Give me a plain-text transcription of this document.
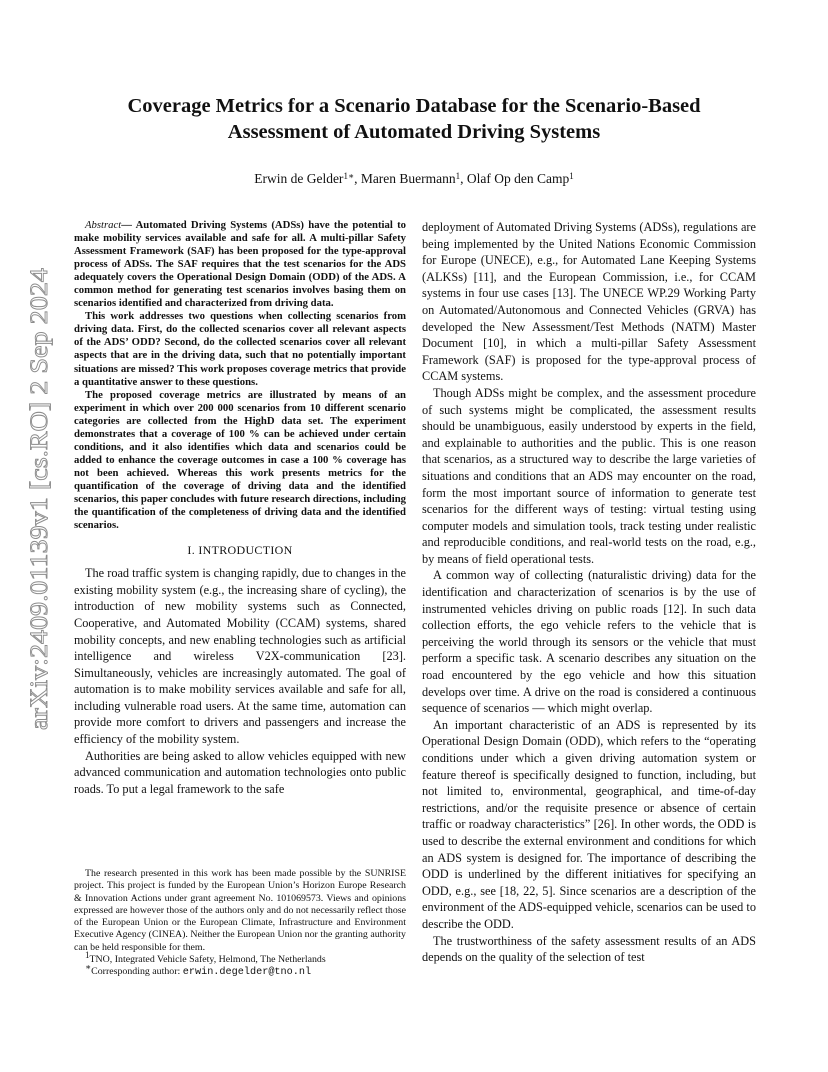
arXiv:2409.01139v1 [cs.RO] 2 Sep 2024
Coverage Metrics for a Scenario Database for the Scenario-Based
Assessment of Automated Driving Systems
Erwin de Gelder$^{1∗}$, Maren Buermann$^1$, Olaf Op den Camp$^1$

Abstract— Automated Driving Systems (ADSs) have the potential to make mobility services available and safe for all. A multi-pillar Safety Assessment Framework (SAF) has been proposed for the type-approval process of ADSs. The SAF requires that the test scenarios for the ADS adequately covers the Operational Design Domain (ODD) of the ADS. A common method for generating test scenarios involves basing them on scenarios identified and characterized from driving data.

This work addresses two questions when collecting scenarios from driving data. First, do the collected scenarios cover all relevant aspects of the ADS’ ODD? Second, do the collected scenarios cover all relevant aspects that are in the driving data, such that no potentially important situations are missed? This work proposes coverage metrics that provide a quantitative answer to these questions.

The proposed coverage metrics are illustrated by means of an experiment in which over 200 000 scenarios from 10 different scenario categories are collected from the HighD data set. The experiment demonstrates that a coverage of 100 % can be achieved under certain conditions, and it also identifies which data and scenarios could be added to enhance the coverage outcomes in case a 100 % coverage has not been achieved. Whereas this work presents metrics for the quantification of the coverage of driving data and the identified scenarios, this paper concludes with future research directions, including the quantification of the completeness of driving data and the identified scenarios.

I. INTRODUCTION

The road traffic system is changing rapidly, due to changes in the existing mobility system (e.g., the increasing share of cycling), the introduction of new mobility systems such as Connected, Cooperative, and Automated Mobility (CCAM) systems, shared mobility concepts, and new enabling technologies such as artificial intelligence and wireless V2X-communication [23]. Simultaneously, vehicles are increasingly automated. The goal of automation is to make mobility services available and safe for all, including vulnerable road users. At the same time, automation can provide more comfort to drivers and passengers and increase the efficiency of the mobility system.

Authorities are being asked to allow vehicles equipped with new advanced communication and automation technologies onto public roads. To put a legal framework to the safe

The research presented in this work has been made possible by the SUNRISE project. This project is funded by the European Union’s Horizon Europe Research & Innovation Actions under grant agreement No. 101069573. Views and opinions expressed are however those of the authors only and do not necessarily reflect those of the European Union or the European Climate, Infrastructure and Environment Executive Agency (CINEA). Neither the European Union nor the granting authority can be held responsible for them.

$^1$TNO, Integrated Vehicle Safety, Helmond, The Netherlands

∗Corresponding author: erwin.degelder@tno.nl

deployment of Automated Driving Systems (ADSs), regulations are being implemented by the United Nations Economic Commission for Europe (UNECE), e.g., for Automated Lane Keeping Systems (ALKSs) [11], and the European Commission, i.e., for CCAM systems in four use cases [13]. The UNECE WP.29 Working Party on Automated/Autonomous and Connected Vehicles (GRVA) has developed the New Assessment/Test Methods (NATM) Master Document [10], in which a multi-pillar Safety Assessment Framework (SAF) is proposed for the type-approval process of CCAM systems.

Though ADSs might be complex, and the assessment procedure of such systems might be complicated, the assessment results should be unambiguous, easily understood by experts in the field, and explainable to authorities and the public. This is one reason that scenarios, as a structured way to describe the large varieties of situations and conditions that an ADS may encounter on the road, form the most important source of information to generate test scenarios for the different ways of testing: virtual testing using computer models and simulation tools, track testing under realistic and reproducible conditions, and real-world tests on the road, e.g., by means of field operational tests.

A common way of collecting (naturalistic driving) data for the identification and characterization of scenarios is by the use of instrumented vehicles driving on public roads [12]. In such data collection efforts, the ego vehicle refers to the vehicle that is perceiving the world through its sensors or the vehicle that must perform a specific task. A scenario describes any situation on the road encountered by the ego vehicle and how this situation develops over time. A drive on the road is considered a continuous sequence of scenarios — which might overlap.

An important characteristic of an ADS is represented by its Operational Design Domain (ODD), which refers to the “operating conditions under which a given driving automation system or feature thereof is specifically designed to function, including, but not limited to, environmental, geographical, and time-of-day restrictions, and/or the requisite presence or absence of certain traffic or roadway characteristics” [26]. In other words, the ODD is used to describe the external environment and conditions for which an ADS system is designed for. The importance of describing the ODD is underlined by the different initiatives for specifying an ODD, e.g., see [18, 22, 5]. Since scenarios are a description of the environment of the ADS-equipped vehicle, scenarios can be used to describe the ODD.

The trustworthiness of the safety assessment results of an ADS depends on the quality of the selection of test
